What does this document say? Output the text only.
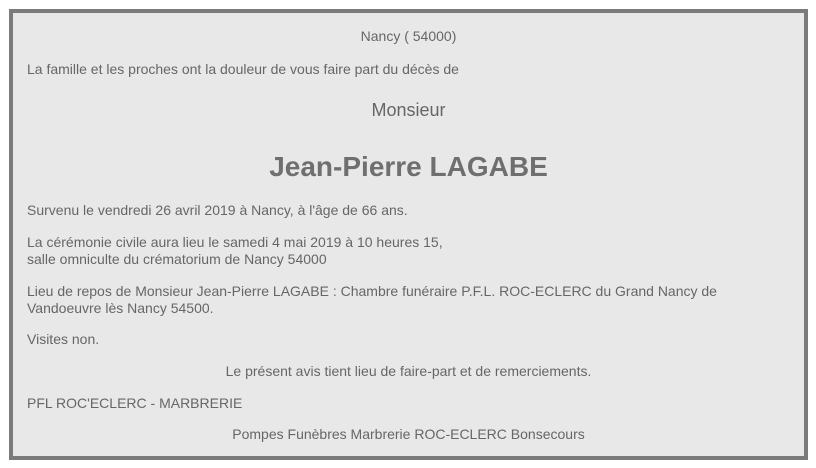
Nancy ( 54000)

La famille et les proches ont la douleur de vous faire part du décès de

Monsieur

Jean-Pierre LAGABE

Survenu le vendredi 26 avril 2019 à Nancy, à l'âge de 66 ans.

La cérémonie civile aura lieu le samedi 4 mai 2019 à 10 heures 15,

salle omniculte du crématorium de Nancy 54000

Lieu de repos de Monsieur Jean-Pierre LAGABE : Chambre funéraire P.F.L. ROC-ECLERC du Grand Nancy de

Vandoeuvre lès Nancy 54500.

Visites non.

Le présent avis tient lieu de faire-part et de remerciements.

PFL ROC'ECLERC - MARBRERIE

Pompes Funèbres Marbrerie ROC-ECLERC Bonsecours
